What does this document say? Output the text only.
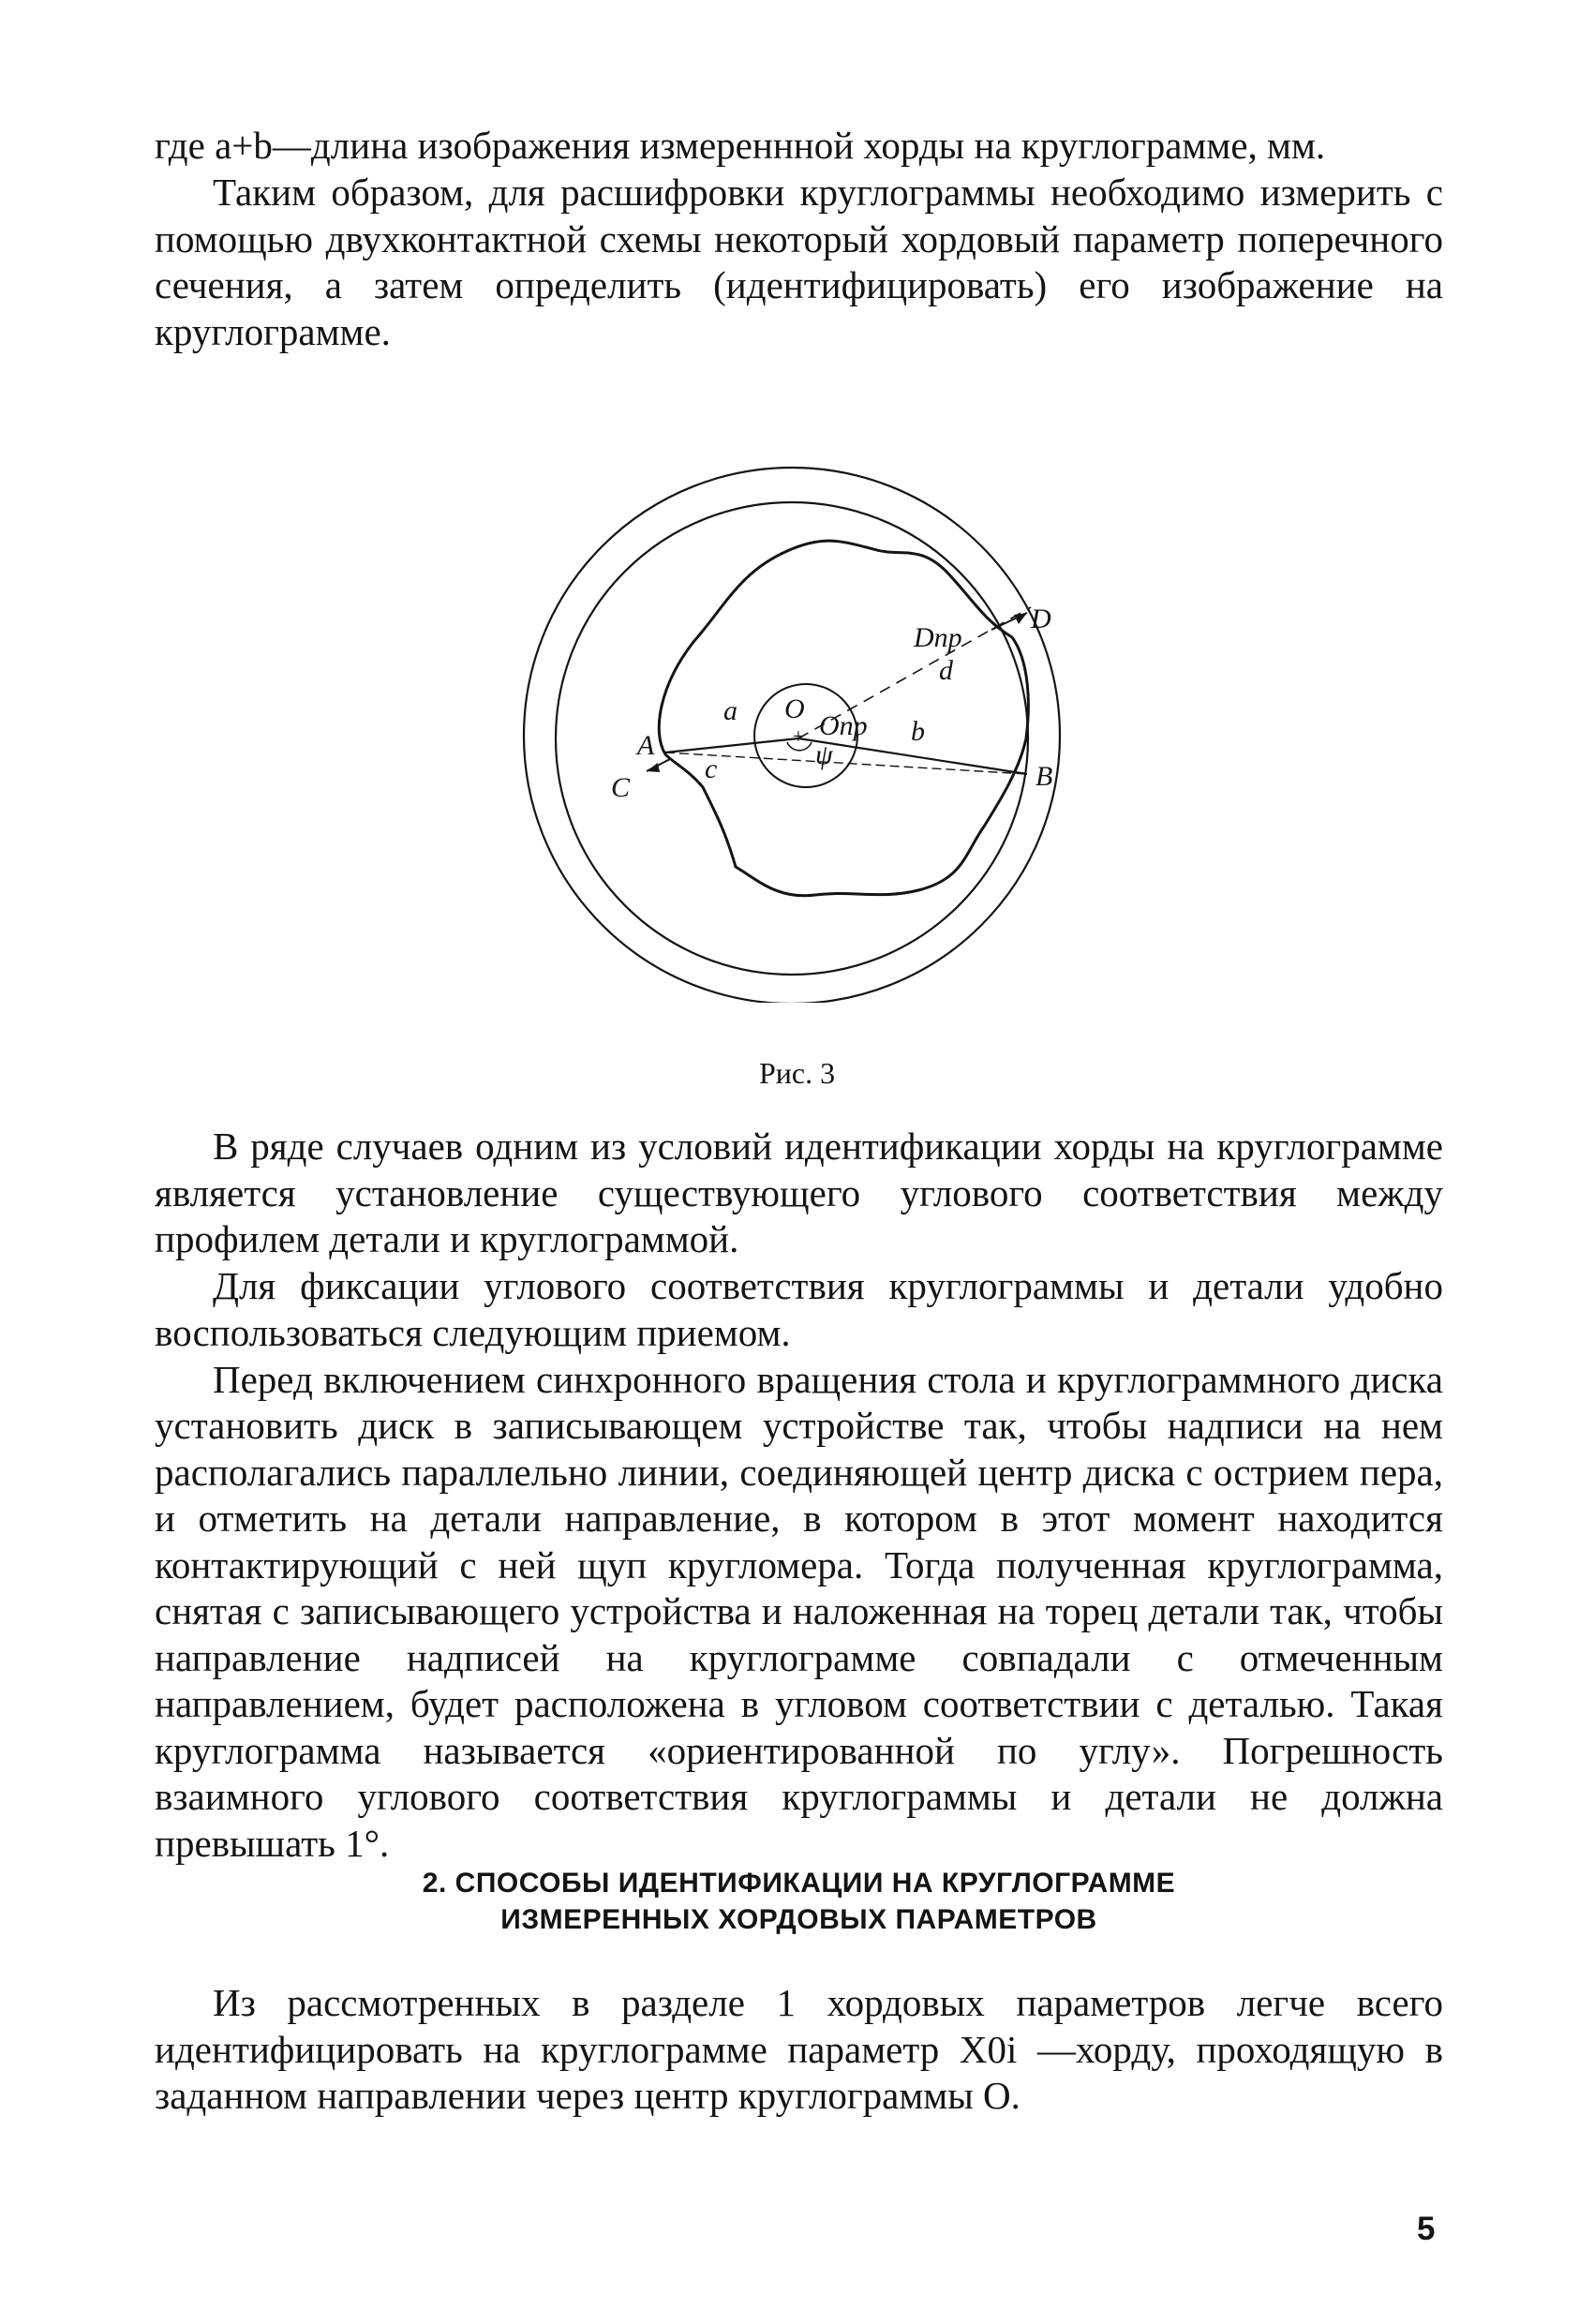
где a+b—длина изображения измереннной хорды на круглограмме, мм.

Таким образом, для расшифровки круглограммы необходимо измерить с помощью двухконтактной схемы некоторый хордовый параметр поперечного сечения, а затем определить (идентифицировать) его изображение на круглограмме.

+
D
Dпр
d
O
Oпр
a
b
c	ψ
A
B
C
Рис. 3

В ряде случаев одним из условий идентификации хорды на круглограмме является установление существующего углового соответствия между профилем детали и круглограммой.

Для фиксации углового соответствия круглограммы и детали удобно воспользоваться следующим приемом.

Перед включением синхронного вращения стола и круглограммного диска установить диск в записывающем устройстве так, чтобы надписи на нем располагались параллельно линии, соединяющей центр диска с острием пера, и отметить на детали направление, в котором в этот момент находится контактирующий с ней щуп кругломера. Тогда полученная круглограмма, снятая с записывающего устройства и наложенная на торец детали так, чтобы направление надписей на круглограмме совпадали с отмеченным направлением, будет расположена в угловом соответствии с деталью. Такая круглограмма называется «ориентированной по углу». Погрешность взаимного углового соответствия круглограммы и детали не должна превышать 1°.

2. СПОСОБЫ ИДЕНТИФИКАЦИИ НА КРУГЛОГРАММЕ
ИЗМЕРЕННЫХ ХОРДОВЫХ ПАРАМЕТРОВ

Из рассмотренных в разделе 1 хордовых параметров легче всего идентифицировать на круглограмме параметр X0i —хорду, проходящую в заданном направлении через центр круглограммы O.

5
